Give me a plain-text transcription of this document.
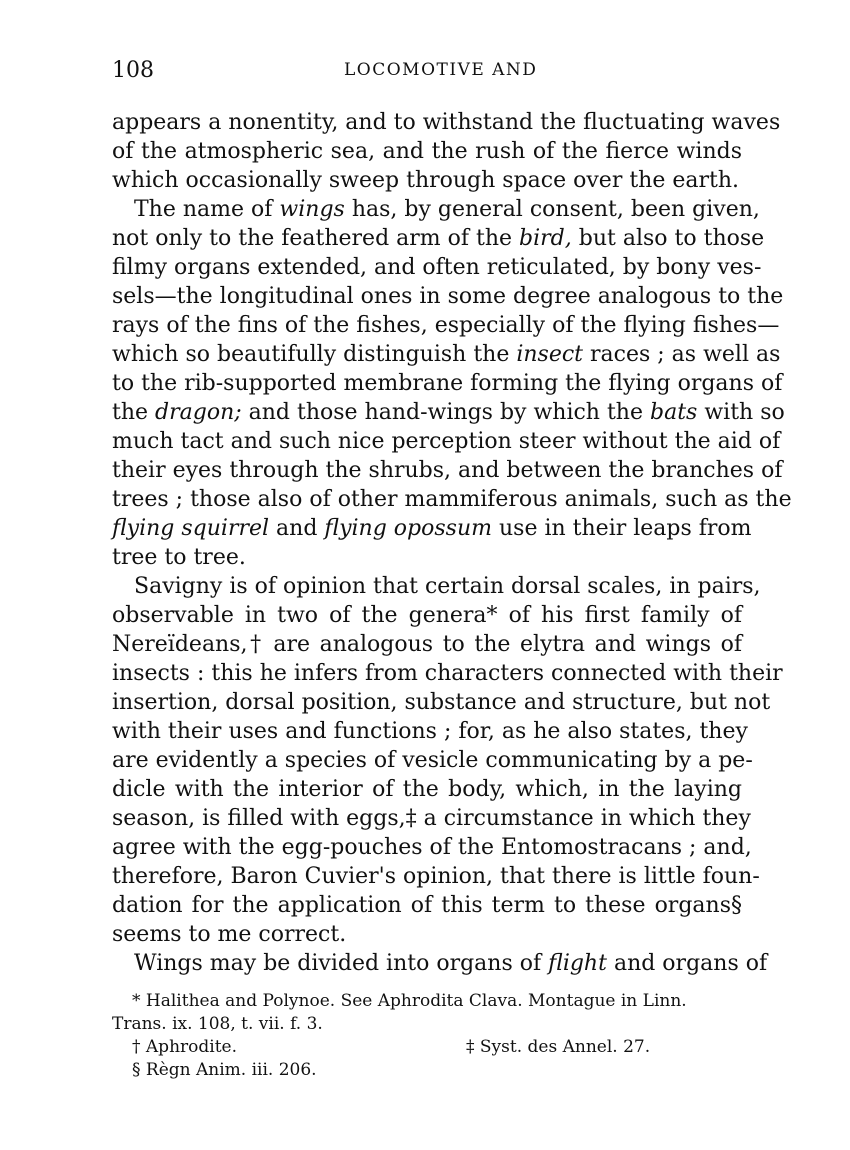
108	LOCOMOTIVE AND
appears a nonentity, and to withstand the fluctuating waves
of the atmospheric sea, and the rush of the fierce winds
which occasionally sweep through space over the earth.
The name of wings has, by general consent, been given,
not only to the feathered arm of the bird, but also to those
filmy organs extended, and often reticulated, by bony ves-
sels—the longitudinal ones in some degree analogous to the
rays of the fins of the fishes, especially of the flying fishes—
which so beautifully distinguish the insect races ; as well as
to the rib-supported membrane forming the flying organs of
the dragon; and those hand-wings by which the bats with so
much tact and such nice perception steer without the aid of
their eyes through the shrubs, and between the branches of
trees ; those also of other mammiferous animals, such as the
flying squirrel and flying opossum use in their leaps from
tree to tree.
Savigny is of opinion that certain dorsal scales, in pairs,
observable in two of the genera* of his first family of
Nereïdeans,† are analogous to the elytra and wings of
insects : this he infers from characters connected with their
insertion, dorsal position, substance and structure, but not
with their uses and functions ; for, as he also states, they
are evidently a species of vesicle communicating by a pe-
dicle with the interior of the body, which, in the laying
season, is filled with eggs,‡ a circumstance in which they
agree with the egg-pouches of the Entomostracans ; and,
therefore, Baron Cuvier's opinion, that there is little foun-
dation for the application of this term to these organs§
seems to me correct.
Wings may be divided into organs of flight and organs of
* Halithea and Polynoe. See Aphrodita Clava. Montague in Linn.
Trans. ix. 108, t. vii. f. 3.
† Aphrodite.	‡ Syst. des Annel. 27.
§ Règn Anim. iii. 206.
